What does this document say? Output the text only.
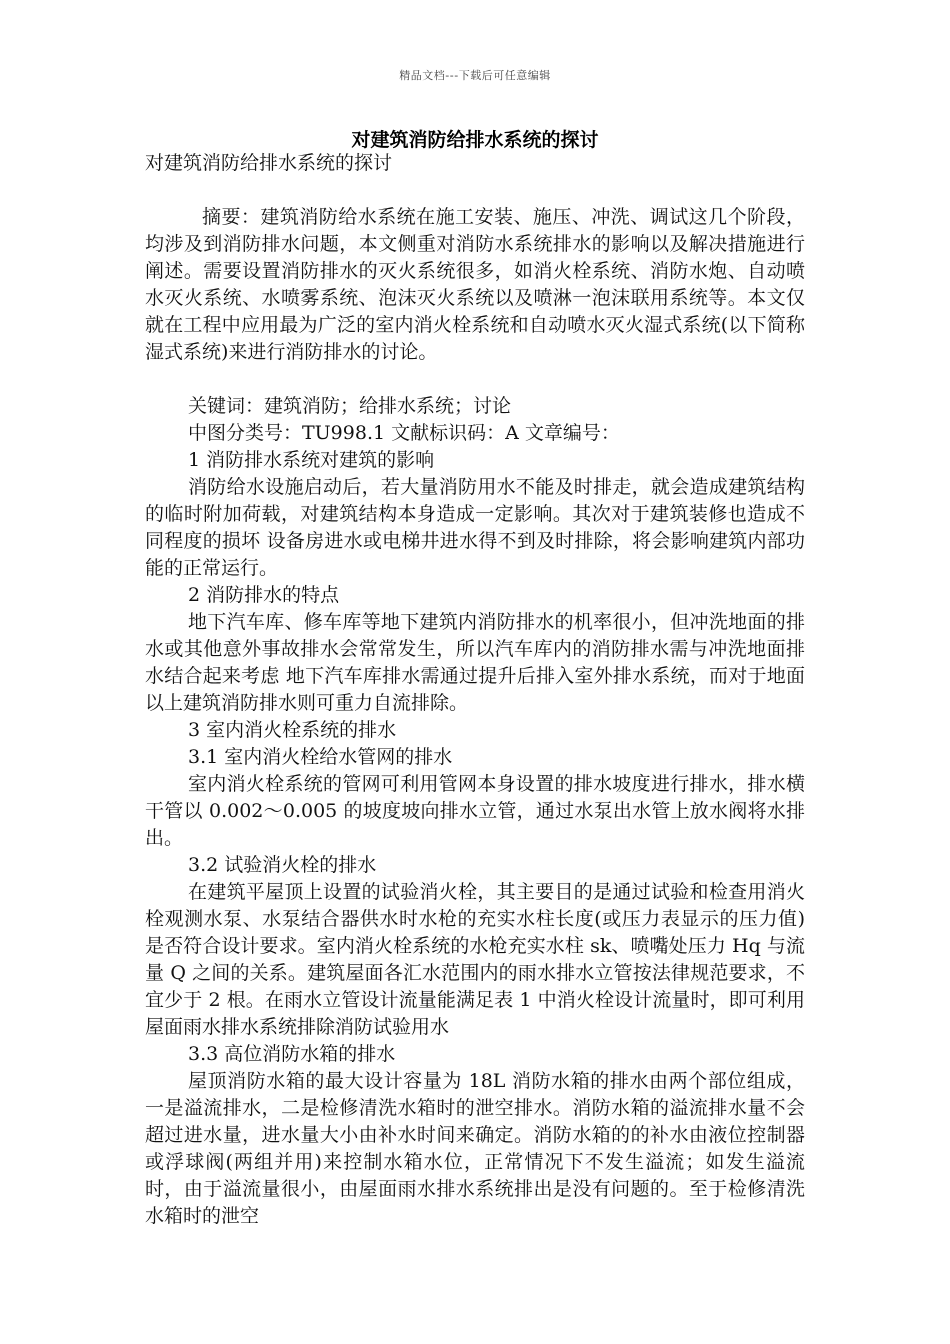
精品文档---下载后可任意编辑
对建筑消防给排水系统的探讨

对建筑消防给排水系统的探讨

摘要：建筑消防给水系统在施工安装、施压、冲洗、调试这几个阶段，均涉及到消防排水问题，本文侧重对消防水系统排水的影响以及解决措施进行阐述。需要设置消防排水的灭火系统很多，如消火栓系统、消防水炮、自动喷水灭火系统、水喷雾系统、泡沫灭火系统以及喷淋一泡沫联用系统等。本文仅就在工程中应用最为广泛的室内消火栓系统和自动喷水灭火湿式系统(以下简称湿式系统)来进行消防排水的讨论。

关键词：建筑消防；给排水系统；讨论

中图分类号：TU998.1 文献标识码：A 文章编号：

1 消防排水系统对建筑的影响

消防给水设施启动后，若大量消防用水不能及时排走，就会造成建筑结构的临时附加荷载，对建筑结构本身造成一定影响。其次对于建筑装修也造成不同程度的损坏 设备房进水或电梯井进水得不到及时排除，将会影响建筑内部功能的正常运行。

2 消防排水的特点

地下汽车库、修车库等地下建筑内消防排水的机率很小，但冲洗地面的排水或其他意外事故排水会常常发生，所以汽车库内的消防排水需与冲洗地面排水结合起来考虑 地下汽车库排水需通过提升后排入室外排水系统，而对于地面以上建筑消防排水则可重力自流排除。

3 室内消火栓系统的排水

3.1 室内消火栓给水管网的排水

室内消火栓系统的管网可利用管网本身设置的排水坡度进行排水，排水横干管以 0.002～0.005 的坡度坡向排水立管，通过水泵出水管上放水阀将水排出。

3.2 试验消火栓的排水

在建筑平屋顶上设置的试验消火栓，其主要目的是通过试验和检查用消火栓观测水泵、水泵结合器供水时水枪的充实水柱长度(或压力表显示的压力值)是否符合设计要求。室内消火栓系统的水枪充实水柱 sk、喷嘴处压力 Hq 与流量 Q 之间的关系。建筑屋面各汇水范围内的雨水排水立管按法律规范要求，不宜少于 2 根。在雨水立管设计流量能满足表 1 中消火栓设计流量时，即可利用屋面雨水排水系统排除消防试验用水

3.3 高位消防水箱的排水

屋顶消防水箱的最大设计容量为 18L 消防水箱的排水由两个部位组成，一是溢流排水，二是检修清洗水箱时的泄空排水。消防水箱的溢流排水量不会超过进水量，进水量大小由补水时间来确定。消防水箱的的补水由液位控制器或浮球阀(两组并用)来控制水箱水位，正常情况下不发生溢流；如发生溢流时，由于溢流量很小，由屋面雨水排水系统排出是没有问题的。至于检修清洗水箱时的泄空
